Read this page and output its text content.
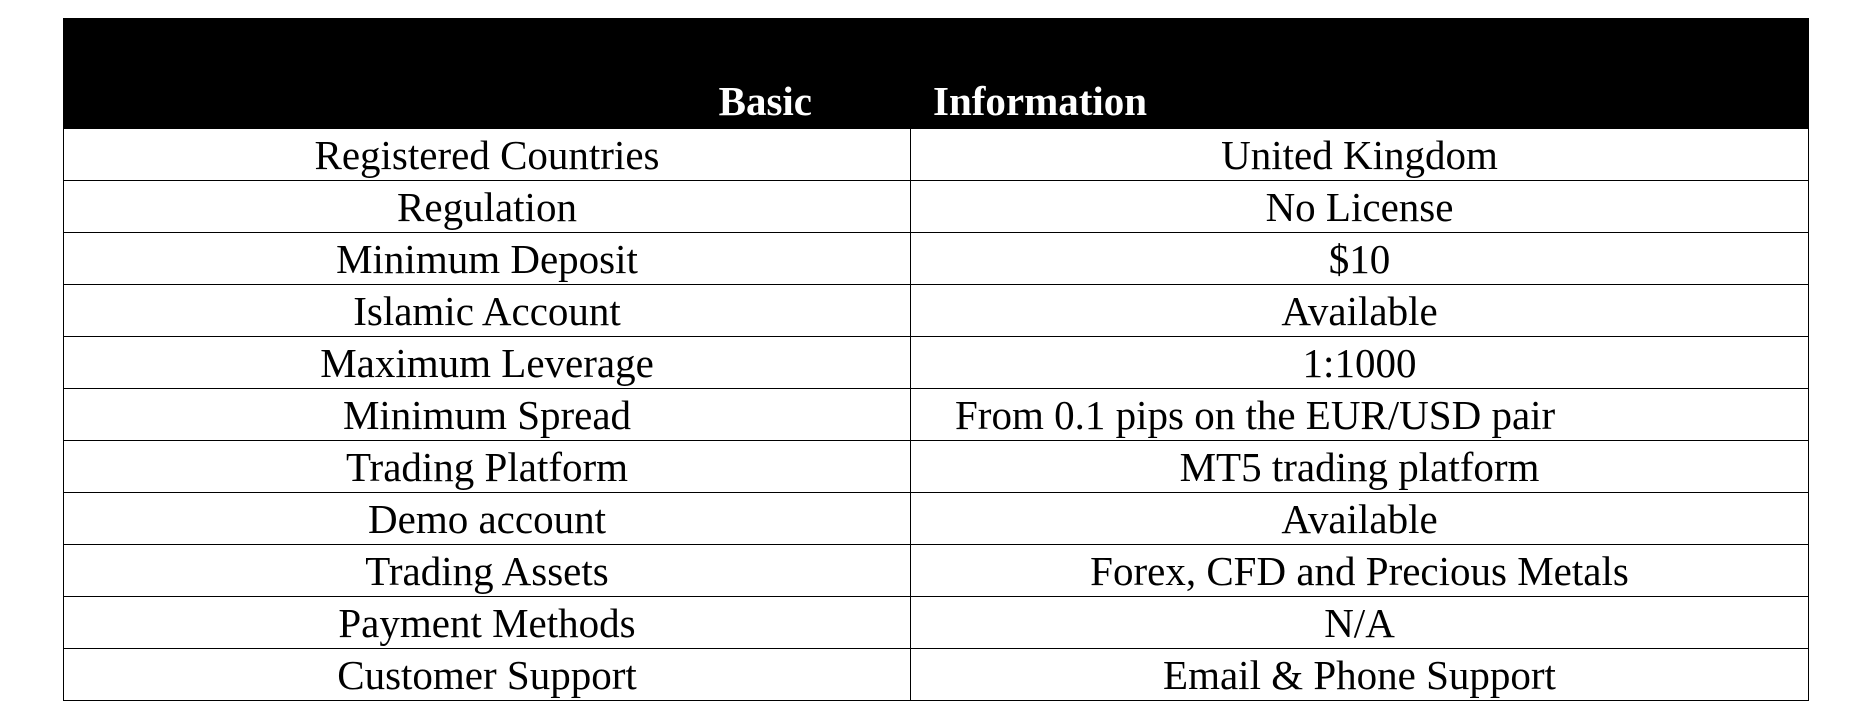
Basic	Information
Registered Countries	United Kingdom
Regulation	No License
Minimum Deposit	$10
Islamic Account	Available
Maximum Leverage	1:1000
Minimum Spread	From 0.1 pips on the EUR/USD pair
Trading Platform	MT5 trading platform
Demo account	Available
Trading Assets	Forex, CFD and Precious Metals
Payment Methods	N/A
Customer Support	Email & Phone Support
